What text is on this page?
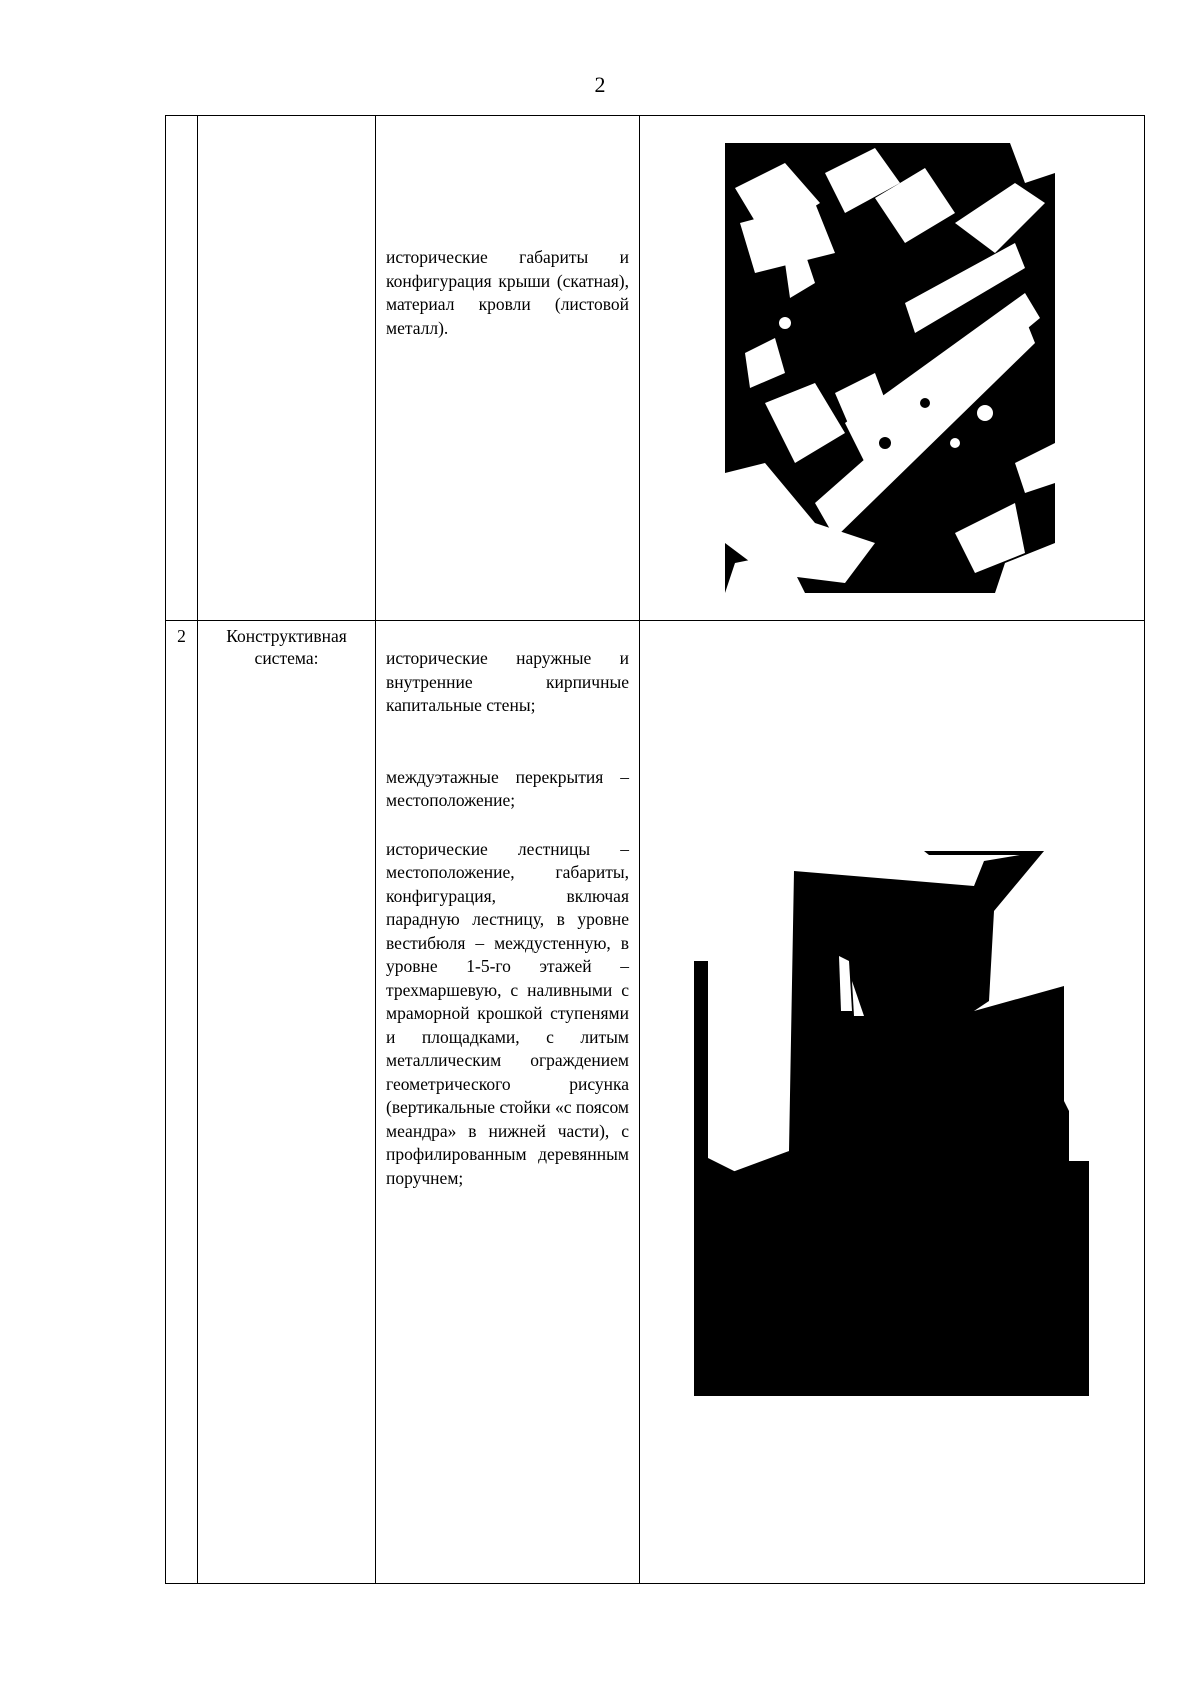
2

		исторические габариты и конфигурация крыши (скатная), материал кровли (листовой металл).

2	Конструктивная система:	исторические наружные и внутренние кирпичные капитальные стены;

междуэтажные перекрытия – местоположение;

исторические лестницы – местоположение, габариты, конфигурация, включая парадную лестницу, в уровне вестибюля – междустенную, в уровне 1-5-го этажей – трехмаршевую, с наливными с мраморной крошкой ступенями и площадками, с литым металлическим ограждением геометрического рисунка (вертикальные стойки «с поясом меандра» в нижней части), с профилированным деревянным поручнем;
